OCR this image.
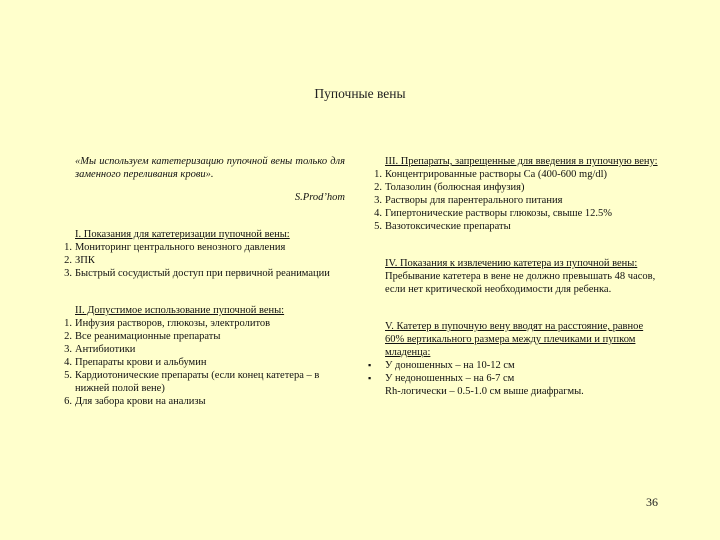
Пупочные вены
«Мы используем катетеризацию пупочной вены только для заменного переливания крови».
S.Prod’hom
I. Показания для катетеризации пупочной вены:
1. Мониторинг центрального венозного давления
2. ЗПК
3. Быстрый сосудистый доступ при первичной реанимации
II. Допустимое использование пупочной вены:
1. Инфузия растворов, глюкозы, электролитов
2. Все реанимационные препараты
3. Антибиотики
4. Препараты крови и альбумин
5. Кардиотонические препараты (если конец катетера – в нижней полой вене)
6. Для забора крови на анализы
III. Препараты, запрещенные для введения в пупочную вену:
1. Концентрированные растворы Са (400-600 mg/dl)
2. Толазолин (болюсная инфузия)
3. Растворы для парентерального питания
4. Гипертонические растворы глюкозы, свыше 12.5%
5. Вазотоксические препараты
IV. Показания к извлечению катетера из пупочной вены:
Пребывание катетера в вене не должно превышать 48 часов, если нет критической необходимости для ребенка.
V. Катетер в пупочную вену вводят на расстояние, равное 60% вертикального размера между плечиками и пупком младенца:
▪ У доношенных – на 10-12 см
▪ У недоношенных – на 6-7 см
Rh-логически – 0.5-1.0 см выше диафрагмы.
36
